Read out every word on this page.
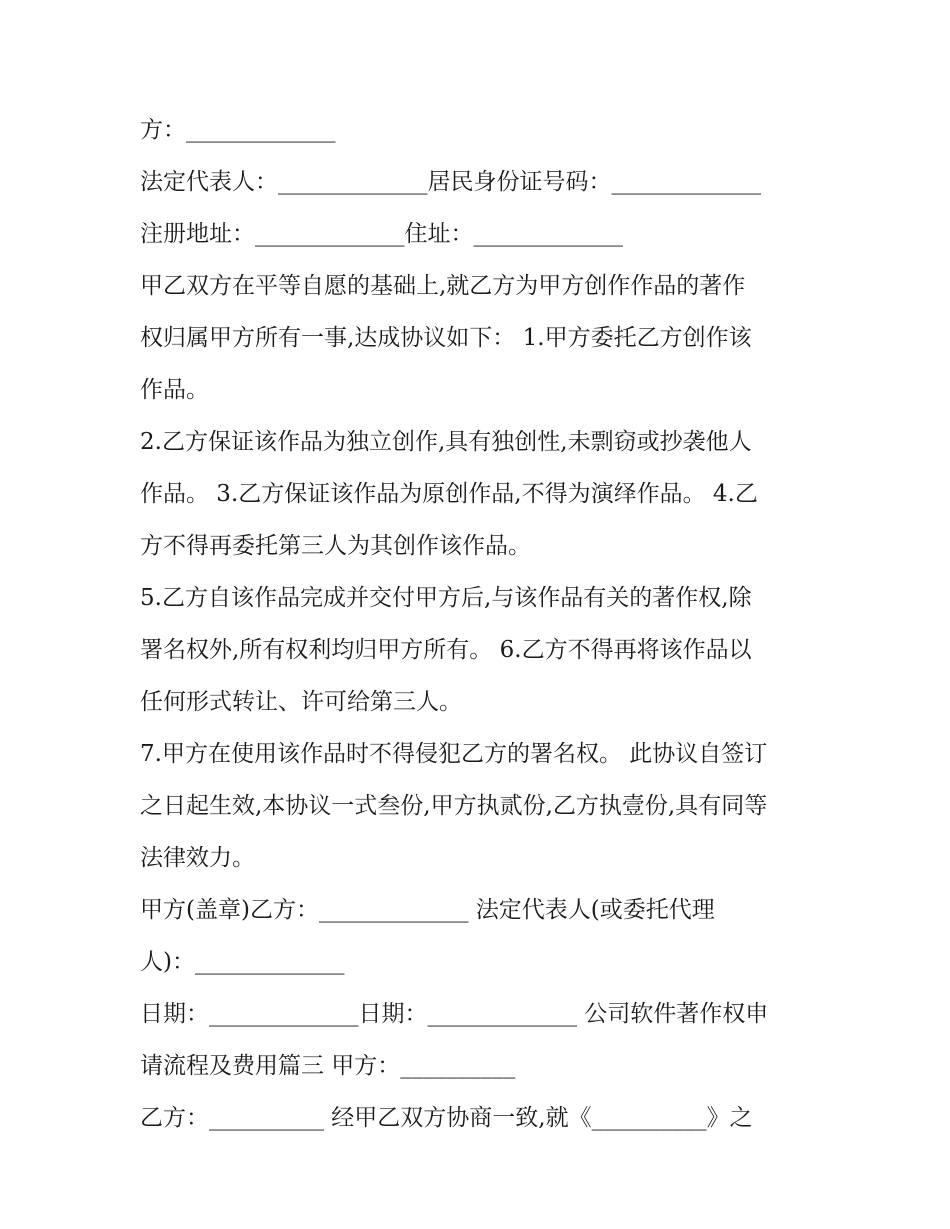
方：_____________
法定代表人：_____________居民身份证号码：_____________
注册地址：_____________住址：_____________
甲乙双方在平等自愿的基础上,就乙方为甲方创作作品的著作
权归属甲方所有一事,达成协议如下： 1.甲方委托乙方创作该
作品。
2.乙方保证该作品为独立创作,具有独创性,未剽窃或抄袭他人
作品。 3.乙方保证该作品为原创作品,不得为演绎作品。 4.乙
方不得再委托第三人为其创作该作品。
5.乙方自该作品完成并交付甲方后,与该作品有关的著作权,除
署名权外,所有权利均归甲方所有。 6.乙方不得再将该作品以
任何形式转让、许可给第三人。
7.甲方在使用该作品时不得侵犯乙方的署名权。 此协议自签订
之日起生效,本协议一式叁份,甲方执贰份,乙方执壹份,具有同等
法律效力。
甲方(盖章)乙方：_____________ 法定代表人(或委托代理
人)：_____________
日期：_____________日期：_____________ 公司软件著作权申
请流程及费用篇三 甲方：__________
乙方：__________ 经甲乙双方协商一致,就《__________》之
